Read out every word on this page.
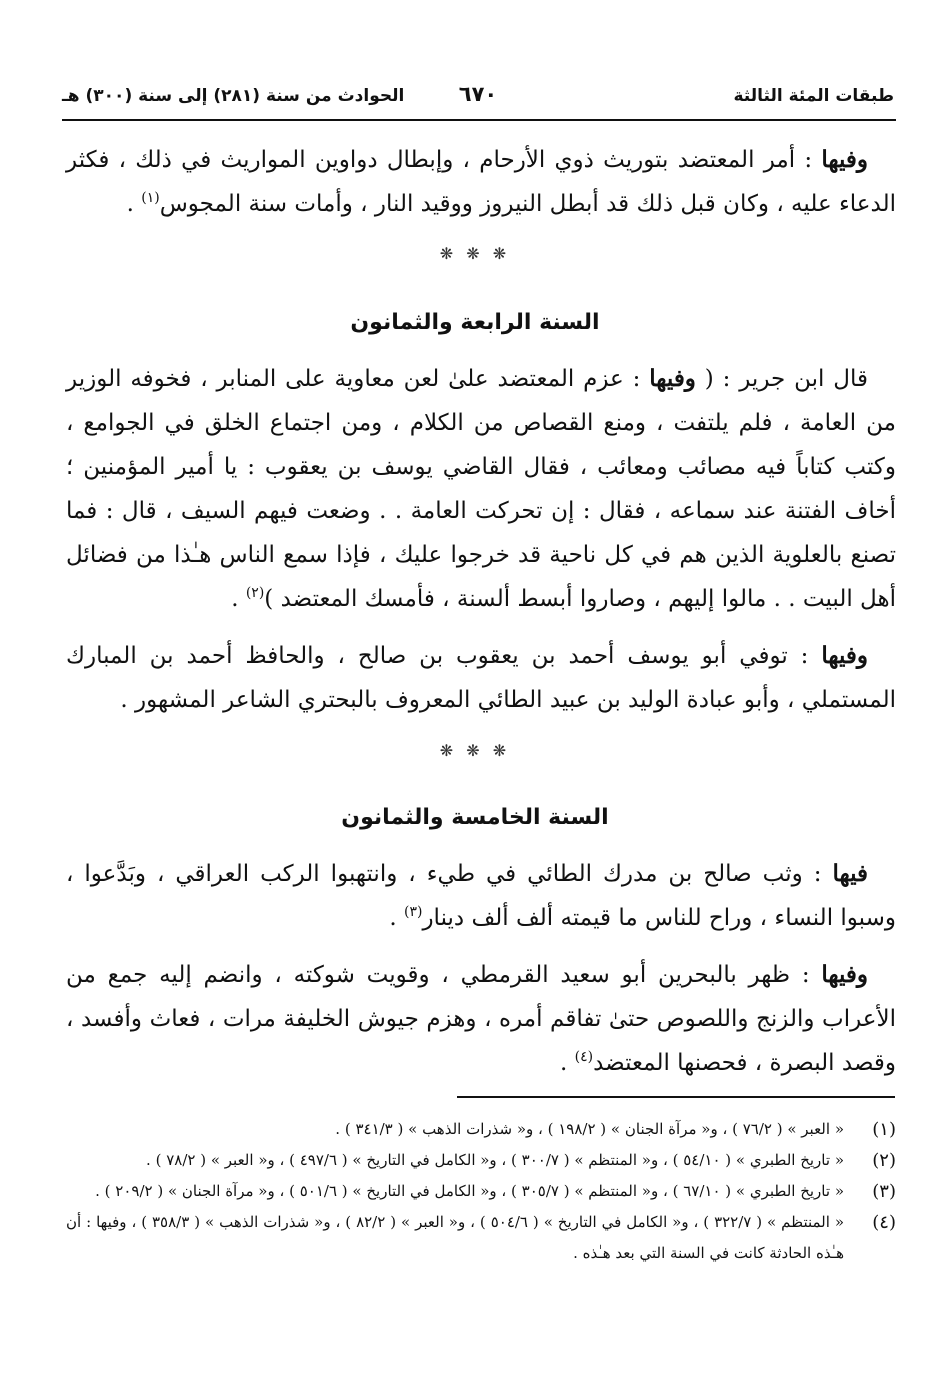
طبقات المئة الثالثة
٦٧٠
الحوادث من سنة (٢٨١) إلى سنة (٣٠٠) هـ
وفيها : أمر المعتضد بتوريث ذوي الأرحام ، وإبطال دواوين المواريث في ذلك ، فكثر الدعاء عليه ، وكان قبل ذلك قد أبطل النيروز ووقيد النار ، وأمات سنة المجوس$^{(١)}$ .
❋ ❋ ❋
السنة الرابعة والثمانون
قال ابن جرير : ( وفيها : عزم المعتضد علىٰ لعن معاوية على المنابر ، فخوفه الوزير من العامة ، فلم يلتفت ، ومنع القصاص من الكلام ، ومن اجتماع الخلق في الجوامع ، وكتب كتاباً فيه مصائب ومعائب ، فقال القاضي يوسف بن يعقوب : يا أمير المؤمنين ؛ أخاف الفتنة عند سماعه ، فقال : إن تحركت العامة . . وضعت فيهم السيف ، قال : فما تصنع بالعلوية الذين هم في كل ناحية قد خرجوا عليك ، فإذا سمع الناس هـٰذا من فضائل أهل البيت . . مالوا إليهم ، وصاروا أبسط ألسنة ، فأمسك المعتضد )$^{(٢)}$ .
وفيها : توفي أبو يوسف أحمد بن يعقوب بن صالح ، والحافظ أحمد بن المبارك المستملي ، وأبو عبادة الوليد بن عبيد الطائي المعروف بالبحتري الشاعر المشهور .
❋ ❋ ❋
السنة الخامسة والثمانون
فيها : وثب صالح بن مدرك الطائي في طيء ، وانتهبوا الركب العراقي ، وبَدَّعوا ، وسبوا النساء ، وراح للناس ما قيمته ألف ألف دينار$^{(٣)}$ .
وفيها : ظهر بالبحرين أبو سعيد القرمطي ، وقويت شوكته ، وانضم إليه جمع من الأعراب والزنج واللصوص حتىٰ تفاقم أمره ، وهزم جيوش الخليفة مرات ، فعاث وأفسد ، وقصد البصرة ، فحصنها المعتضد$^{(٤)}$ .
(١)
« العبر » ( ٧٦/٢ ) ، و« مرآة الجنان » ( ١٩٨/٢ ) ، و« شذرات الذهب » ( ٣٤١/٣ ) .
(٢)
« تاريخ الطبري » ( ٥٤/١٠ ) ، و« المنتظم » ( ٣٠٠/٧ ) ، و« الكامل في التاريخ » ( ٤٩٧/٦ ) ، و« العبر » ( ٧٨/٢ ) .
(٣)
« تاريخ الطبري » ( ٦٧/١٠ ) ، و« المنتظم » ( ٣٠٥/٧ ) ، و« الكامل في التاريخ » ( ٥٠١/٦ ) ، و« مرآة الجنان » ( ٢٠٩/٢ ) .
(٤)
« المنتظم » ( ٣٢٢/٧ ) ، و« الكامل في التاريخ » ( ٥٠٤/٦ ) ، و« العبر » ( ٨٢/٢ ) ، و« شذرات الذهب » ( ٣٥٨/٣ ) ، وفيها : أن هـٰذه الحادثة كانت في السنة التي بعد هـٰذه .
